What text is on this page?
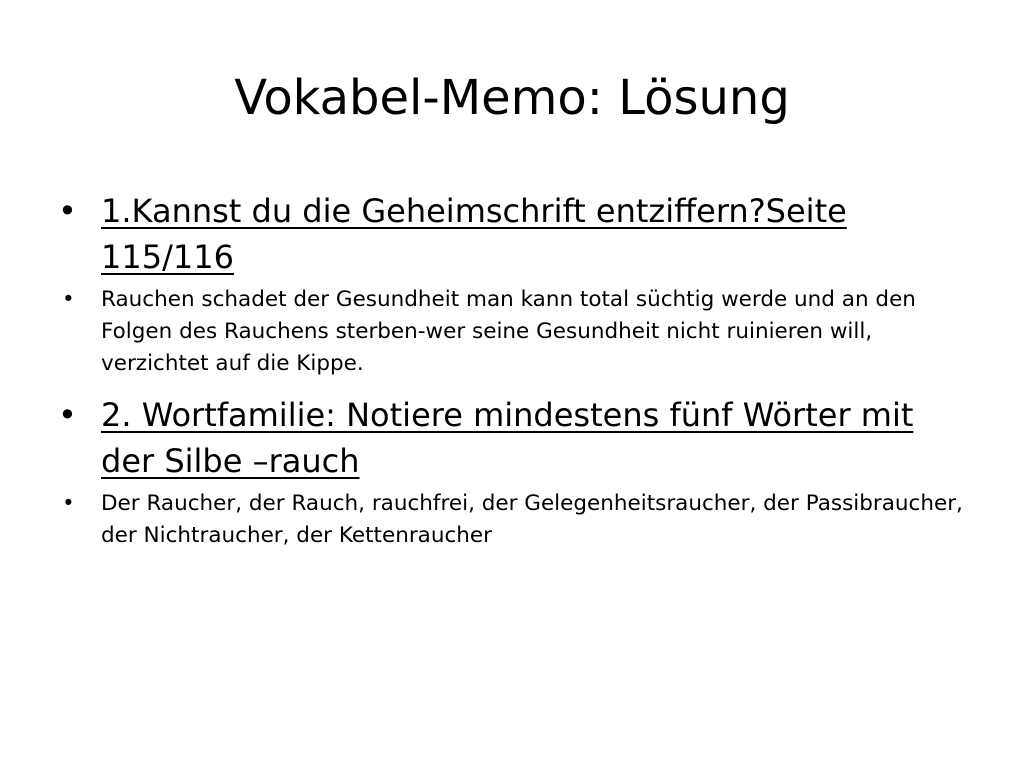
Vokabel-Memo: Lösung
• 1.Kannst du die Geheimschrift entziffern?Seite 115/116
• Rauchen schadet der Gesundheit man kann total süchtig werde und an den Folgen des Rauchens sterben-wer seine Gesundheit nicht ruinieren will, verzichtet auf die Kippe.
• 2. Wortfamilie: Notiere mindestens fünf Wörter mit der Silbe –rauch
• Der Raucher, der Rauch, rauchfrei, der Gelegenheitsraucher, der Passibraucher, der Nichtraucher, der Kettenraucher
